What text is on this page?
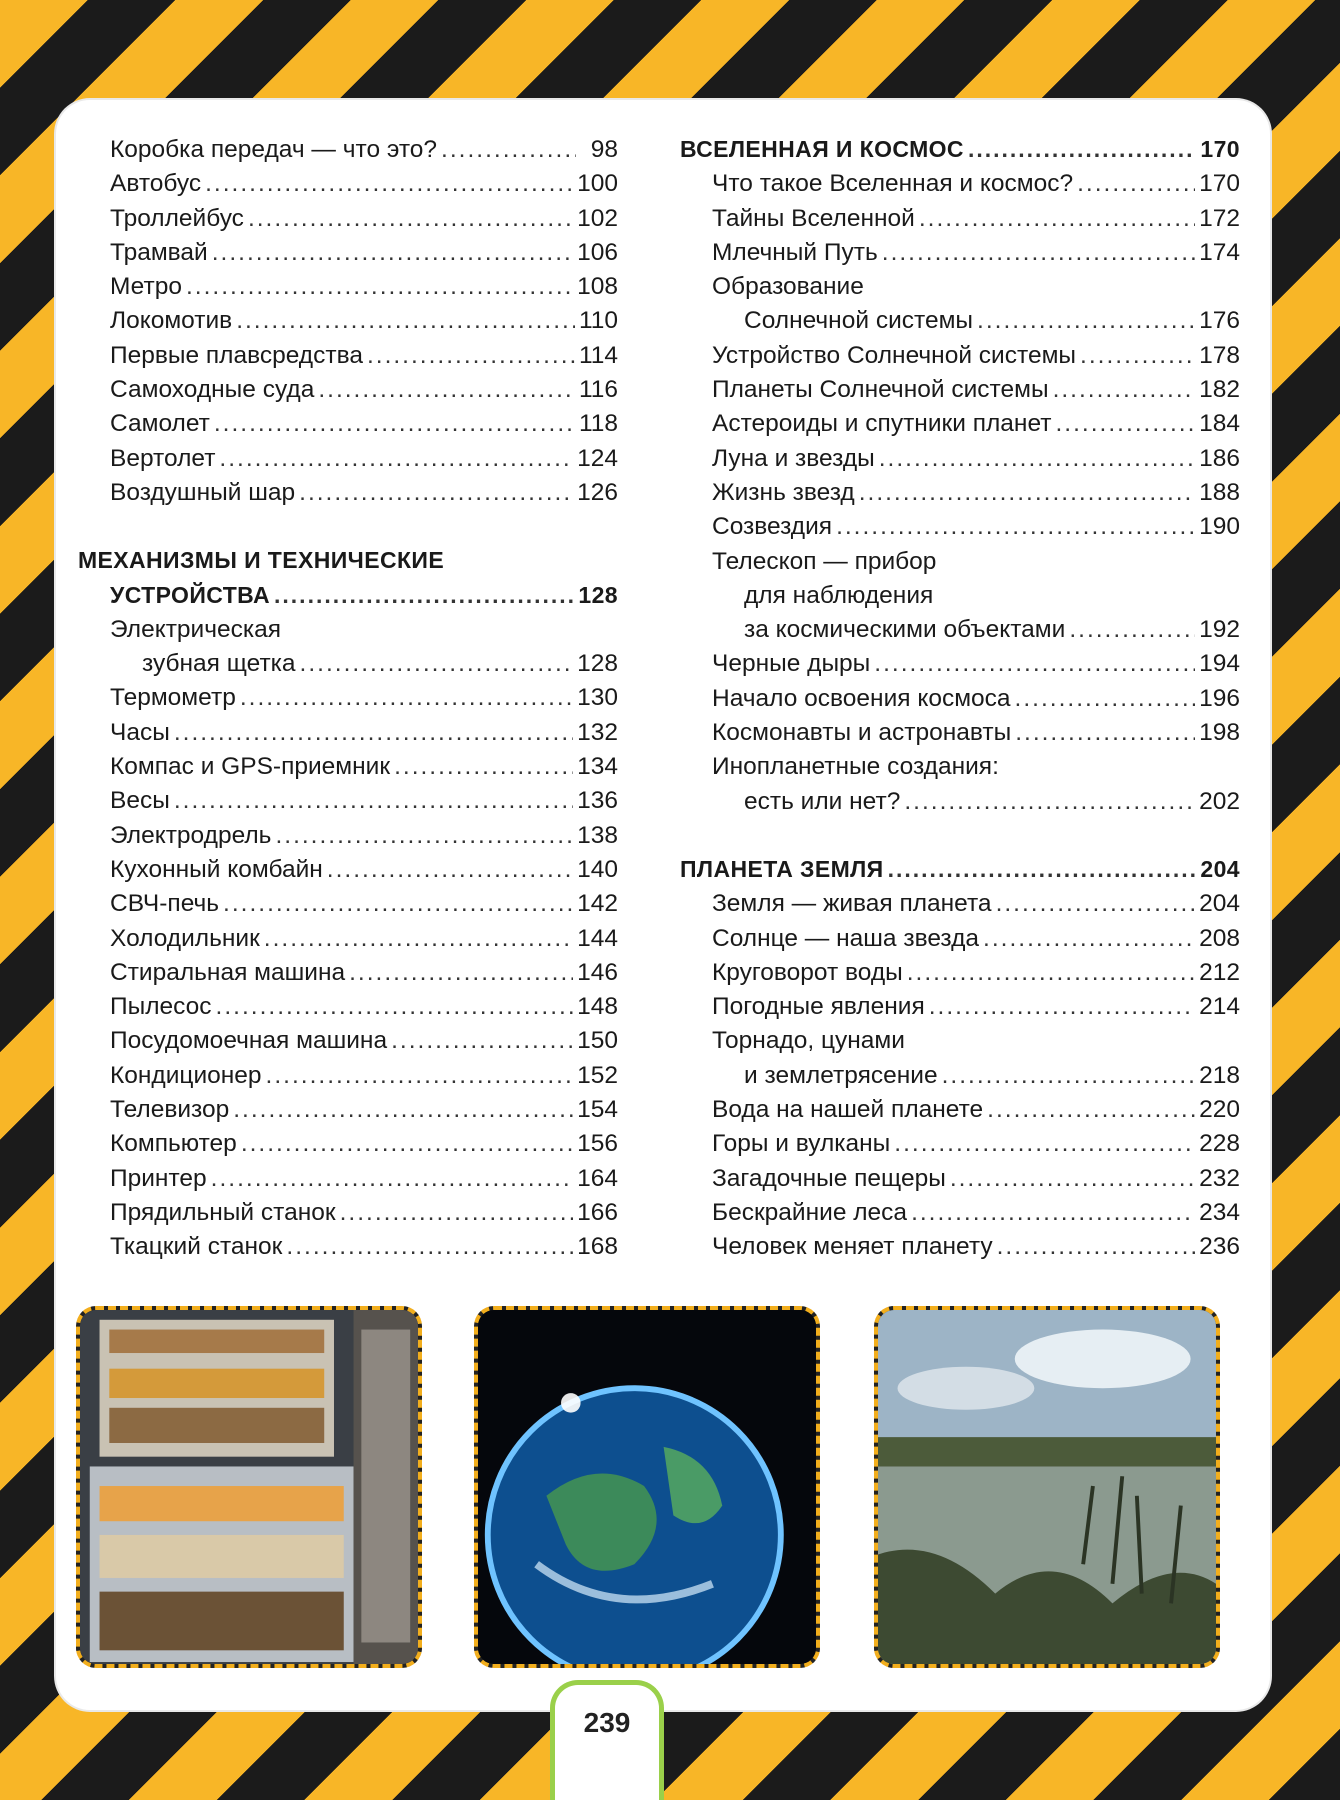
Коробка передач — что это? .....	98
Автобус .....	100
Троллейбус .....	102
Трамвай .....	106
Метро .....	108
Локомотив .....	110
Первые плавсредства .....	114
Самоходные суда .....	116
Самолет .....	118
Вертолет .....	124
Воздушный шар .....	126
МЕХАНИЗМЫ И ТЕХНИЧЕСКИЕ
УСТРОЙСТВА .....	128
Электрическая
зубная щетка .....	128
Термометр .....	130
Часы .....	132
Компас и GPS-приемник .....	134
Весы .....	136
Электродрель .....	138
Кухонный комбайн .....	140
СВЧ-печь .....	142
Холодильник .....	144
Стиральная машина .....	146
Пылесос .....	148
Посудомоечная машина .....	150
Кондиционер .....	152
Телевизор .....	154
Компьютер .....	156
Принтер .....	164
Прядильный станок .....	166
Ткацкий станок .....	168
ВСЕЛЕННАЯ И КОСМОС .....	170
Что такое Вселенная и космос? .....	170
Тайны Вселенной .....	172
Млечный Путь .....	174
Образование
Солнечной системы .....	176
Устройство Солнечной системы .....	178
Планеты Солнечной системы .....	182
Астероиды и спутники планет .....	184
Луна и звезды .....	186
Жизнь звезд .....	188
Созвездия .....	190
Телескоп — прибор
для наблюдения
за космическими объектами .....	192
Черные дыры .....	194
Начало освоения космоса .....	196
Космонавты и астронавты .....	198
Инопланетные создания:
есть или нет? .....	202
ПЛАНЕТА ЗЕМЛЯ .....	204
Земля — живая планета .....	204
Солнце — наша звезда .....	208
Круговорот воды .....	212
Погодные явления .....	214
Торнадо, цунами
и землетрясение .....	218
Вода на нашей планете .....	220
Горы и вулканы .....	228
Загадочные пещеры .....	232
Бескрайние леса .....	234
Человек меняет планету .....	236
239
